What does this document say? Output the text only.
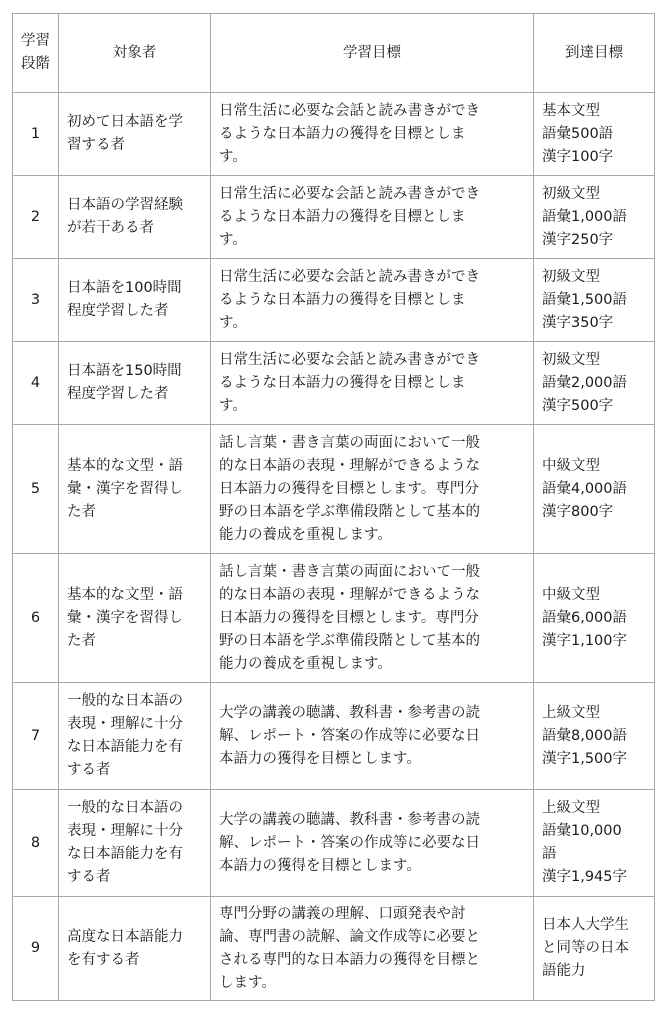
学習
段階	対象者	学習目標	到達目標
1	初めて日本語を学
習する者	日常生活に必要な会話と読み書きができ
るような日本語力の獲得を目標としま
す。	基本文型
語彙500語
漢字100字

2	日本語の学習経験
が若干ある者	日常生活に必要な会話と読み書きができ
るような日本語力の獲得を目標としま
す。	初級文型
語彙1,000語
漢字250字

3	日本語を100時間
程度学習した者	日常生活に必要な会話と読み書きができ
るような日本語力の獲得を目標としま
す。	初級文型
語彙1,500語
漢字350字

4	日本語を150時間
程度学習した者	日常生活に必要な会話と読み書きができ
るような日本語力の獲得を目標としま
す。	初級文型
語彙2,000語
漢字500字

5	基本的な文型・語
彙・漢字を習得し
た者	話し言葉・書き言葉の両面において一般
的な日本語の表現・理解ができるような
日本語力の獲得を目標とします。専門分
野の日本語を学ぶ準備段階として基本的
能力の養成を重視します。	中級文型
語彙4,000語
漢字800字

6	基本的な文型・語
彙・漢字を習得し
た者	話し言葉・書き言葉の両面において一般
的な日本語の表現・理解ができるような
日本語力の獲得を目標とします。専門分
野の日本語を学ぶ準備段階として基本的
能力の養成を重視します。	中級文型
語彙6,000語
漢字1,100字

7	一般的な日本語の
表現・理解に十分
な日本語能力を有
する者	大学の講義の聴講、教科書・参考書の読
解、レポート・答案の作成等に必要な日
本語力の獲得を目標とします。	上級文型
語彙8,000語
漢字1,500字

8	一般的な日本語の
表現・理解に十分
な日本語能力を有
する者	大学の講義の聴講、教科書・参考書の読
解、レポート・答案の作成等に必要な日
本語力の獲得を目標とします。	上級文型
語彙10,000
語
漢字1,945字

9	高度な日本語能力
を有する者	専門分野の講義の理解、口頭発表や討
論、専門書の読解、論文作成等に必要と
される専門的な日本語力の獲得を目標と
します。	日本人大学生
と同等の日本
語能力
